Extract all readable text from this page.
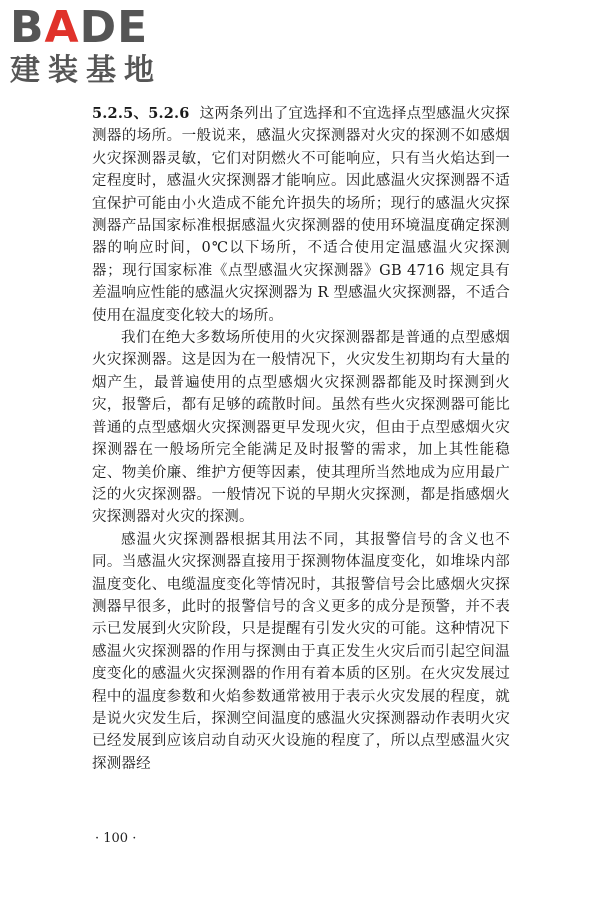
BADE
建装基地

5.2.5、5.2.6 这两条列出了宜选择和不宜选择点型感温火灾探测器的场所。一般说来，感温火灾探测器对火灾的探测不如感烟火灾探测器灵敏，它们对阴燃火不可能响应，只有当火焰达到一定程度时，感温火灾探测器才能响应。因此感温火灾探测器不适宜保护可能由小火造成不能允许损失的场所；现行的感温火灾探测器产品国家标准根据感温火灾探测器的使用环境温度确定探测器的响应时间，0℃以下场所，不适合使用定温感温火灾探测器；现行国家标准《点型感温火灾探测器》GB 4716 规定具有差温响应性能的感温火灾探测器为 R 型感温火灾探测器，不适合使用在温度变化较大的场所。

我们在绝大多数场所使用的火灾探测器都是普通的点型感烟火灾探测器。这是因为在一般情况下，火灾发生初期均有大量的烟产生，最普遍使用的点型感烟火灾探测器都能及时探测到火灾，报警后，都有足够的疏散时间。虽然有些火灾探测器可能比普通的点型感烟火灾探测器更早发现火灾，但由于点型感烟火灾探测器在一般场所完全能满足及时报警的需求，加上其性能稳定、物美价廉、维护方便等因素，使其理所当然地成为应用最广泛的火灾探测器。一般情况下说的早期火灾探测，都是指感烟火灾探测器对火灾的探测。

感温火灾探测器根据其用法不同，其报警信号的含义也不同。当感温火灾探测器直接用于探测物体温度变化，如堆垛内部温度变化、电缆温度变化等情况时，其报警信号会比感烟火灾探测器早很多，此时的报警信号的含义更多的成分是预警，并不表示已发展到火灾阶段，只是提醒有引发火灾的可能。这种情况下感温火灾探测器的作用与探测由于真正发生火灾后而引起空间温度变化的感温火灾探测器的作用有着本质的区别。在火灾发展过程中的温度参数和火焰参数通常被用于表示火灾发展的程度，就是说火灾发生后，探测空间温度的感温火灾探测器动作表明火灾已经发展到应该启动自动灭火设施的程度了，所以点型感温火灾探测器经

· 100 ·
